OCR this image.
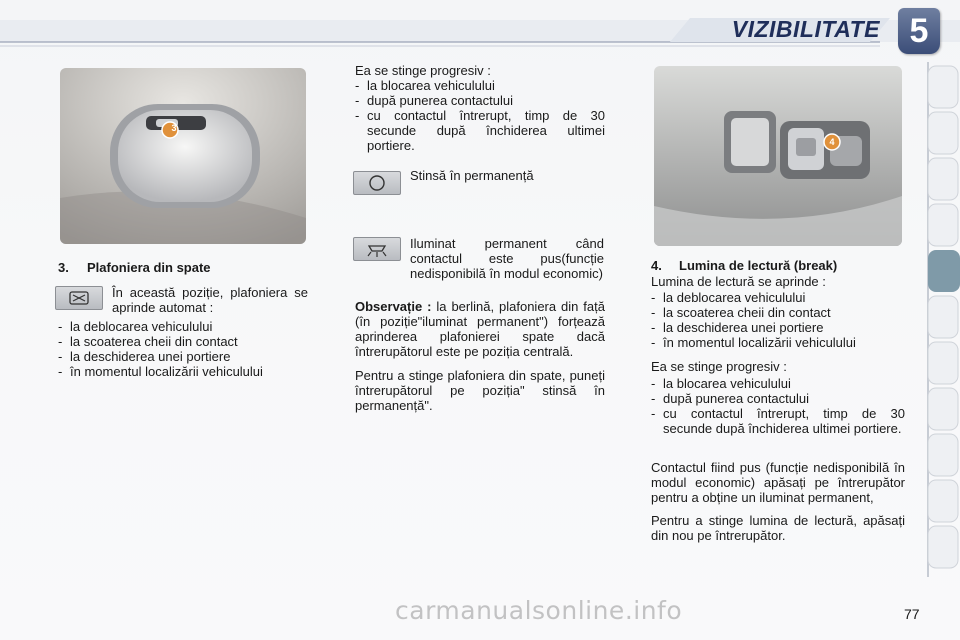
VIZIBILITATE 5
3
3. Plafoniera din spate
În această poziție, plafoniera se aprinde automat :
- la deblocarea vehiculului
- la scoaterea cheii din contact
- la deschiderea unei portiere
- în momentul localizării vehiculului
Ea se stinge progresiv :
- la blocarea vehiculului
- după punerea contactului
- cu contactul întrerupt, timp de 30 secunde după închiderea ultimei portiere.
Stinsă în permanență
Iluminat permanent când contactul este pus(funcție nedisponibilă în modul economic)
Observație : la berlină, plafoniera din față (în poziție"iluminat permanent") forțează aprinderea plafonierei spate dacă întrerupătorul este pe poziția centrală.
Pentru a stinge plafoniera din spate, puneți întrerupătorul pe poziția" stinsă în permanență".
4
4. Lumina de lectură (break)
Lumina de lectură se aprinde :
- la deblocarea vehiculului
- la scoaterea cheii din contact
- la deschiderea unei portiere
- în momentul localizării vehiculului
Ea se stinge progresiv :
- la blocarea vehiculului
- după punerea contactului
- cu contactul întrerupt, timp de 30 secunde după închiderea ultimei portiere.
Contactul fiind pus (funcție nedisponibilă în modul economic) apăsați pe întrerupător pentru a obține un iluminat permanent,
Pentru a stinge lumina de lectură, apăsați din nou pe întrerupător.
77
carmanualsonline.info
